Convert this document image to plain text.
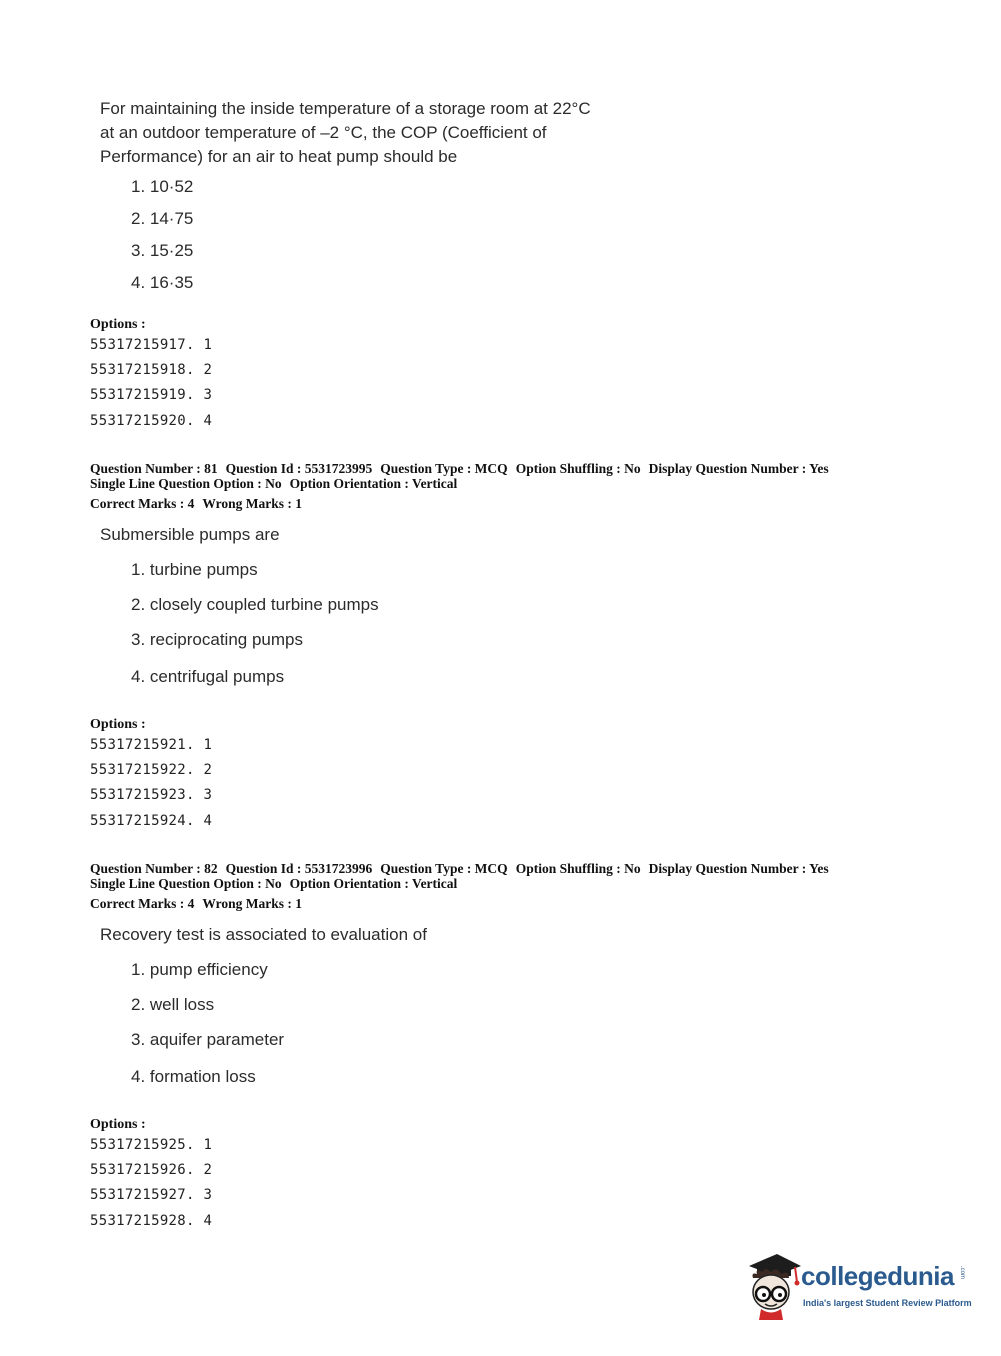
For maintaining the inside temperature of a storage room at 22°C
at an outdoor temperature of –2 °C, the COP (Coefficient of
Performance) for an air to heat pump should be
1. 10·52
2. 14·75
3. 15·25
4. 16·35
Options :
55317215917. 1
55317215918. 2
55317215919. 3
55317215920. 4
Question Number : 81 Question Id : 5531723995 Question Type : MCQ Option Shuffling : No Display Question Number : Yes
Single Line Question Option : No Option Orientation : Vertical
Correct Marks : 4 Wrong Marks : 1
Submersible pumps are
1. turbine pumps
2. closely coupled turbine pumps
3. reciprocating pumps
4. centrifugal pumps
Options :
55317215921. 1
55317215922. 2
55317215923. 3
55317215924. 4
Question Number : 82 Question Id : 5531723996 Question Type : MCQ Option Shuffling : No Display Question Number : Yes
Single Line Question Option : No Option Orientation : Vertical
Correct Marks : 4 Wrong Marks : 1
Recovery test is associated to evaluation of
1. pump efficiency
2. well loss
3. aquifer parameter
4. formation loss
Options :
55317215925. 1
55317215926. 2
55317215927. 3
55317215928. 4
collegedunia .com
India's largest Student Review Platform
